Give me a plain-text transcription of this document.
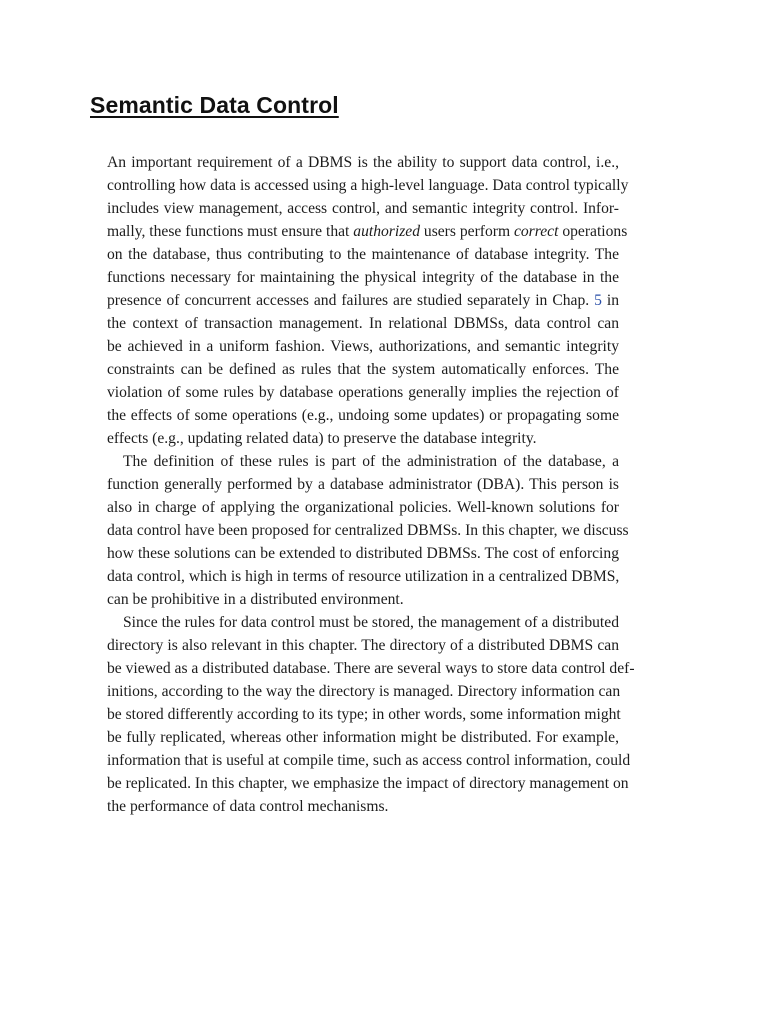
Semantic Data Control
An important requirement of a DBMS is the ability to support data control, i.e.,
controlling how data is accessed using a high-level language. Data control typically
includes view management, access control, and semantic integrity control. Infor-
mally, these functions must ensure that authorized users perform correct operations
on the database, thus contributing to the maintenance of database integrity. The
functions necessary for maintaining the physical integrity of the database in the
presence of concurrent accesses and failures are studied separately in Chap. 5 in
the context of transaction management. In relational DBMSs, data control can
be achieved in a uniform fashion. Views, authorizations, and semantic integrity
constraints can be defined as rules that the system automatically enforces. The
violation of some rules by database operations generally implies the rejection of
the effects of some operations (e.g., undoing some updates) or propagating some
effects (e.g., updating related data) to preserve the database integrity.
The definition of these rules is part of the administration of the database, a
function generally performed by a database administrator (DBA). This person is
also in charge of applying the organizational policies. Well-known solutions for
data control have been proposed for centralized DBMSs. In this chapter, we discuss
how these solutions can be extended to distributed DBMSs. The cost of enforcing
data control, which is high in terms of resource utilization in a centralized DBMS,
can be prohibitive in a distributed environment.
Since the rules for data control must be stored, the management of a distributed
directory is also relevant in this chapter. The directory of a distributed DBMS can
be viewed as a distributed database. There are several ways to store data control def-
initions, according to the way the directory is managed. Directory information can
be stored differently according to its type; in other words, some information might
be fully replicated, whereas other information might be distributed. For example,
information that is useful at compile time, such as access control information, could
be replicated. In this chapter, we emphasize the impact of directory management on
the performance of data control mechanisms.
